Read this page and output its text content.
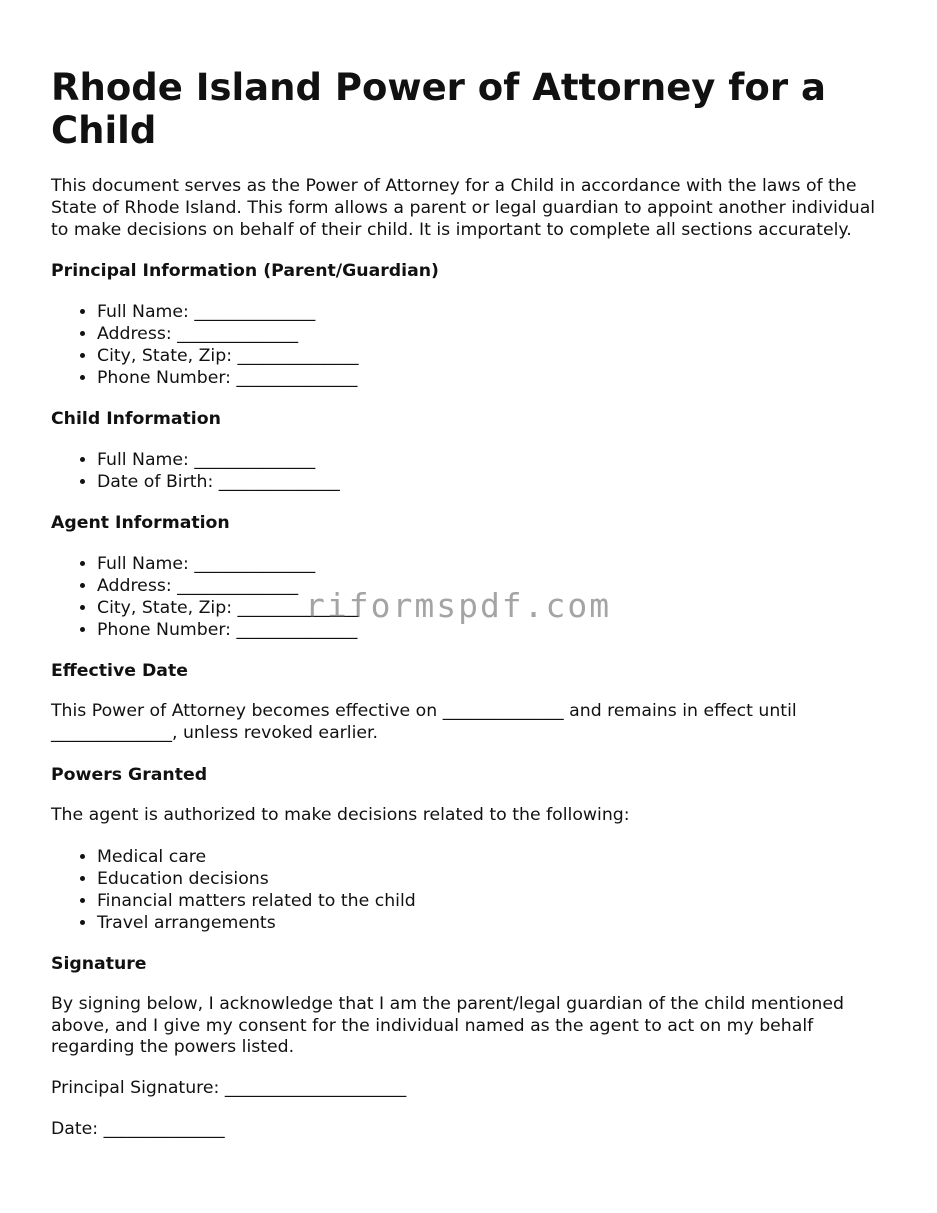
Rhode Island Power of Attorney for a Child

This document serves as the Power of Attorney for a Child in accordance with the laws of the State of Rhode Island. This form allows a parent or legal guardian to appoint another individual to make decisions on behalf of their child. It is important to complete all sections accurately.

Principal Information (Parent/Guardian)
• Full Name: ______________
• Address: ______________
• City, State, Zip: ______________
• Phone Number: ______________
Child Information
• Full Name: ______________
• Date of Birth: ______________
Agent Information
• Full Name: ______________
• Address: ______________
• City, State, Zip: ______________
• Phone Number: ______________
Effective Date

This Power of Attorney becomes effective on ______________ and remains in effect until ______________, unless revoked earlier.

Powers Granted

The agent is authorized to make decisions related to the following:

• Medical care
• Education decisions
• Financial matters related to the child
• Travel arrangements
Signature

By signing below, I acknowledge that I am the parent/legal guardian of the child mentioned above, and I give my consent for the individual named as the agent to act on my behalf regarding the powers listed.

Principal Signature: _____________________

Date: ______________

riformspdf.com
